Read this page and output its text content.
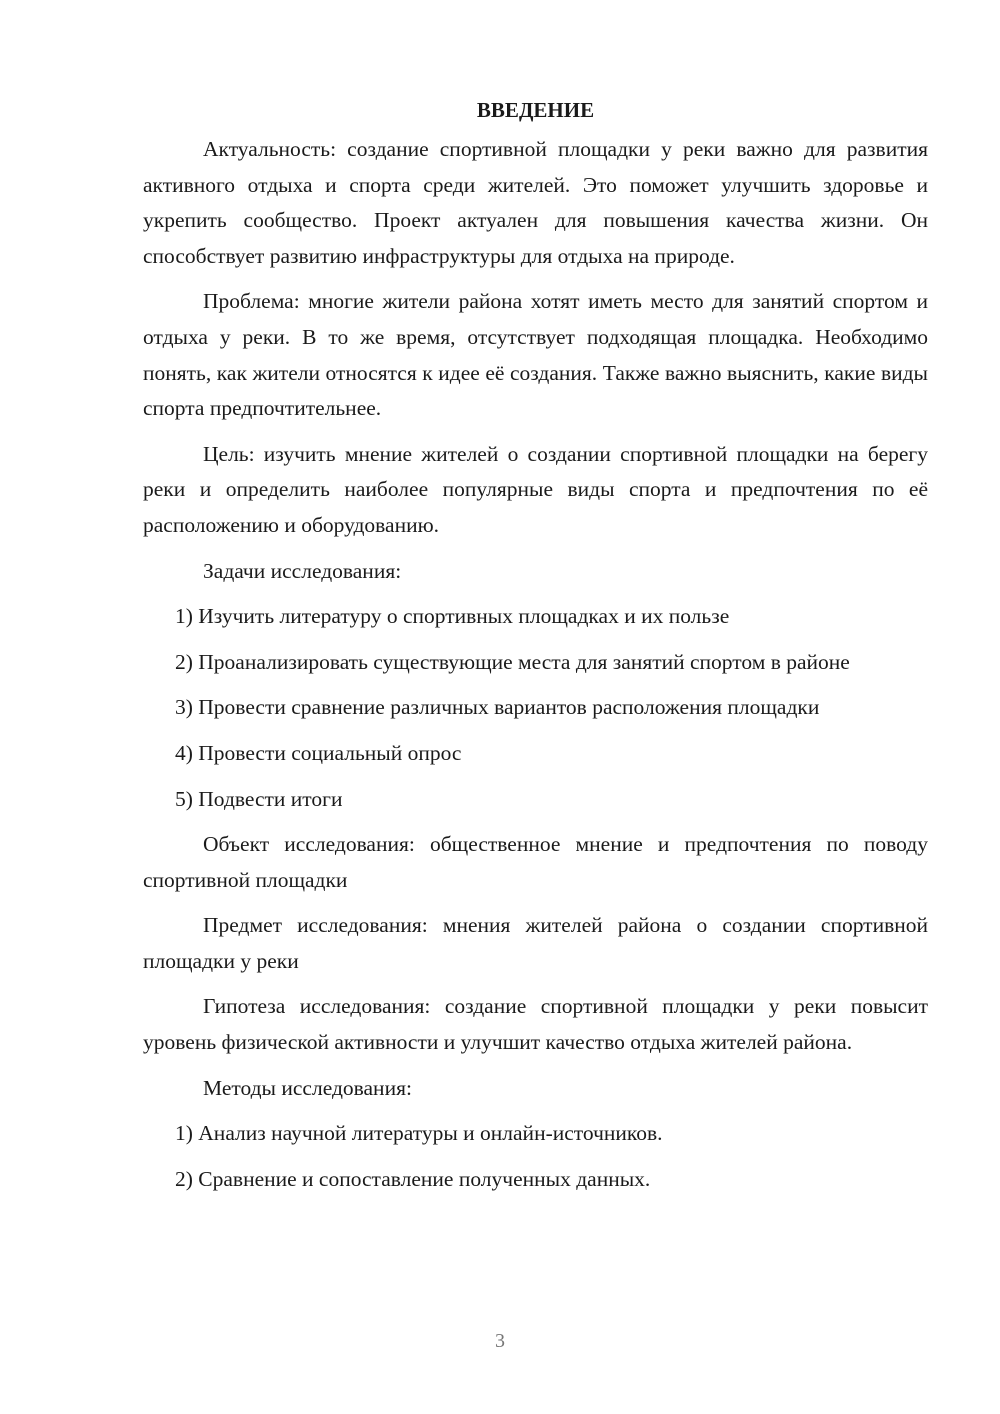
ВВЕДЕНИЕ

Актуальность: создание спортивной площадки у реки важно для развития активного отдыха и спорта среди жителей. Это поможет улучшить здоровье и укрепить сообщество. Проект актуален для повышения качества жизни. Он способствует развитию инфраструктуры для отдыха на природе.

Проблема: многие жители района хотят иметь место для занятий спортом и отдыха у реки. В то же время, отсутствует подходящая площадка. Необходимо понять, как жители относятся к идее её создания. Также важно выяснить, какие виды спорта предпочтительнее.

Цель: изучить мнение жителей о создании спортивной площадки на берегу реки и определить наиболее популярные виды спорта и предпочтения по её расположению и оборудованию.

Задачи исследования:

1) Изучить литературу о спортивных площадках и их пользе

2) Проанализировать существующие места для занятий спортом в районе

3) Провести сравнение различных вариантов расположения площадки

4) Провести социальный опрос

5) Подвести итоги

Объект исследования: общественное мнение и предпочтения по поводу спортивной площадки

Предмет исследования: мнения жителей района о создании спортивной площадки у реки

Гипотеза исследования: создание спортивной площадки у реки повысит уровень физической активности и улучшит качество отдыха жителей района.

Методы исследования:

1) Анализ научной литературы и онлайн-источников.

2) Сравнение и сопоставление полученных данных.

3
